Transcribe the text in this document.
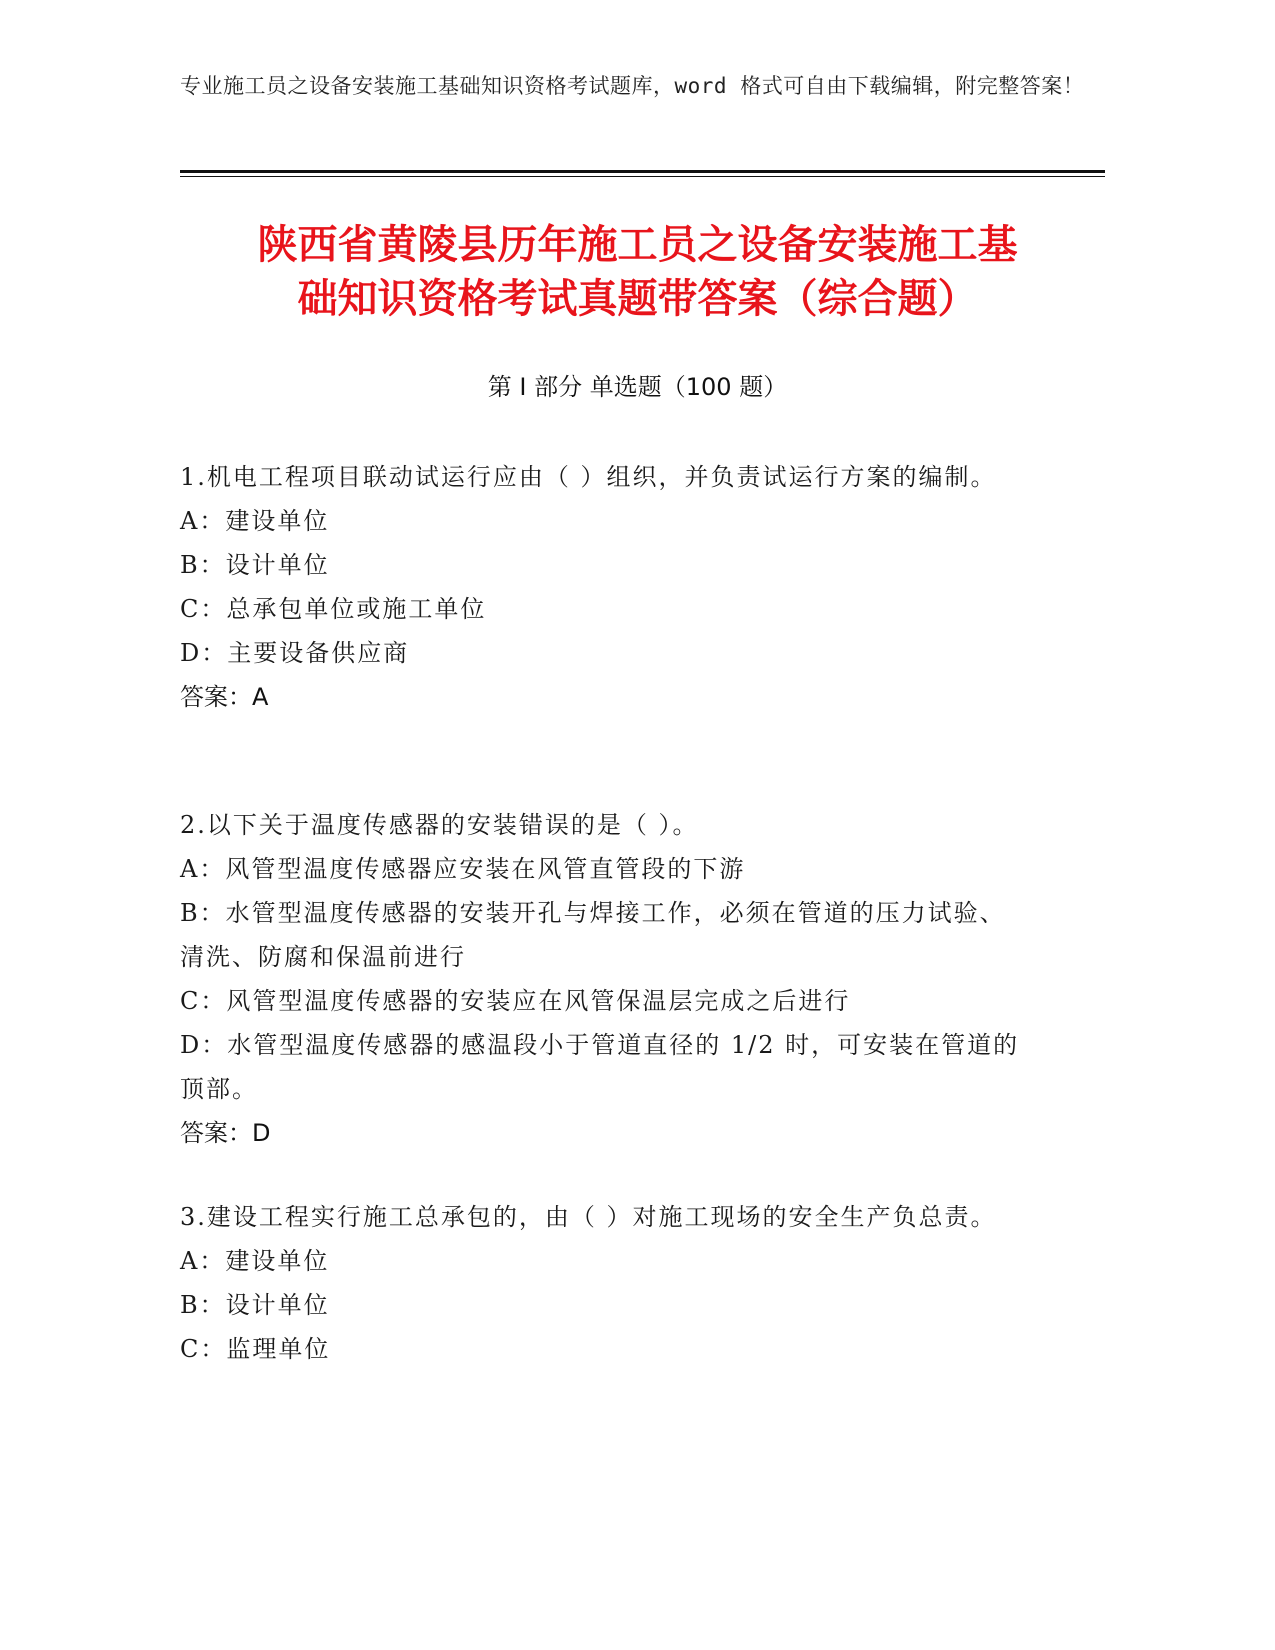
专业施工员之设备安装施工基础知识资格考试题库，word 格式可自由下载编辑，附完整答案！
陕西省黄陵县历年施工员之设备安装施工基
础知识资格考试真题带答案（综合题）
第 I 部分 单选题（100 题）

1.机电工程项目联动试运行应由（ ）组织，并负责试运行方案的编制。

A：建设单位

B：设计单位

C：总承包单位或施工单位

D：主要设备供应商

答案：A

2.以下关于温度传感器的安装错误的是（ ）。

A：风管型温度传感器应安装在风管直管段的下游

B：水管型温度传感器的安装开孔与焊接工作，必须在管道的压力试验、清洗、防腐和保温前进行

C：风管型温度传感器的安装应在风管保温层完成之后进行

D：水管型温度传感器的感温段小于管道直径的 1/2 时，可安装在管道的顶部。

答案：D

3.建设工程实行施工总承包的，由（ ）对施工现场的安全生产负总责。

A：建设单位

B：设计单位

C：监理单位
